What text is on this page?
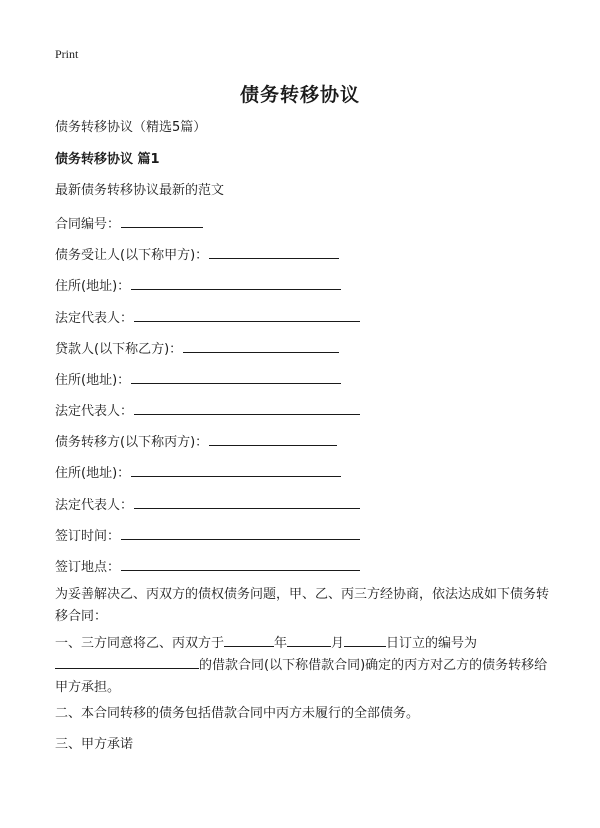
Print
债务转移协议
债务转移协议（精选5篇）
债务转移协议 篇1
最新债务转移协议最新的范文
合同编号：
债务受让人(以下称甲方)：
住所(地址)：
法定代表人：
贷款人(以下称乙方)：
住所(地址)：
法定代表人：
债务转移方(以下称丙方)：
住所(地址)：
法定代表人：
签订时间：
签订地点：
为妥善解决乙、丙双方的债权债务问题，甲、乙、丙三方经协商，依法达成如下债务转移合同：
一、三方同意将乙、丙双方于	年	月	日订立的编号为
的借款合同(以下称借款合同)确定的丙方对乙方的债务转移给甲方承担。
二、本合同转移的债务包括借款合同中丙方未履行的全部债务。
三、甲方承诺
